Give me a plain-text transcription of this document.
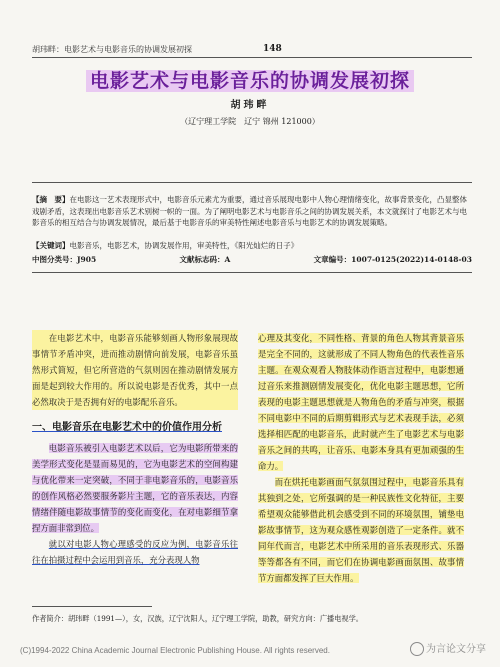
胡玮畔：电影艺术与电影音乐的协调发展初探	148
电影艺术与电影音乐的协调发展初探
胡玮畔
（辽宁理工学院　辽宁 锦州 121000）
【摘　要】在电影这一艺术表现形式中，电影音乐元素尤为重要，通过音乐展现电影中人物心理情绪变化，故事背景变化，凸显整体戏剧矛盾，这表现出电影音乐艺术别树一帜的一面。为了阐明电影艺术与电影音乐之间的协调发展关系，本文就探讨了电影艺术与电影音乐的相互结合与协调发展情况，最后基于电影音乐的审美特性阐述电影音乐与电影艺术的协调发展策略。
【关键词】电影音乐，电影艺术，协调发展作用，审美特性，《阳光灿烂的日子》
中图分类号：J905	文献标志码：A	文章编号：1007-0125(2022)14-0148-03

在电影艺术中，电影音乐能够刻画人物形象展现故事情节矛盾冲突，进而推动剧情向前发展，电影音乐虽然形式简短，但它所营造的气氛则因在推动剧情发展方面是起到较大作用的。所以说电影是否优秀，其中一点必然取决于是否拥有好的电影配乐音乐。

一、电影音乐在电影艺术中的价值作用分析

电影音乐被引入电影艺术以后，它为电影所带来的美学形式变化是显而易见的，它为电影艺术的空间构建与优化带来一定突破，不同于非电影音乐的，电影音乐的创作风格必然要服务影片主题，它的音乐表达，内容情绪伴随电影故事情节的变化而变化，在对电影细节拿捏方面非常到位。

就以对电影人物心理感受的反应为例，电影音乐往往在拍摄过程中会运用到音乐，充分表现人物

心理及其变化，不同性格、背景的角色人物其背景音乐是完全不同的，这就形成了不同人物角色的代表性音乐主题。在观众观看人物肢体动作语言过程中，电影想通过音乐来推测剧情发展变化，优化电影主题思想，它所表现的电影主题思想就是人物角色的矛盾与冲突，根据不同电影中不同的后期剪辑形式与艺术表现手法，必须选择相匹配的电影音乐，此时就产生了电影艺术与电影音乐之间的共鸣，让音乐、电影本身具有更加顽强的生命力。

而在烘托电影画面气氛氛围过程中，电影音乐具有其独到之处，它所强调的是一种民族性文化特征，主要希望观众能够借此机会感受到不同的环境氛围，铺垫电影故事情节，这为观众感性观影创造了一定条件。就不同年代而言，电影艺术中所采用的音乐表现形式、乐器等等都各有不同，而它们在协调电影画面氛围、故事情节方面都发挥了巨大作用。

作者简介：胡玮畔（1991—），女，汉族，辽宁沈阳人，辽宁理工学院，助教，研究方向：广播电视学。
(C)1994-2022 China Academic Journal Electronic Publishing House. All rights reserved.	为言论文分享
